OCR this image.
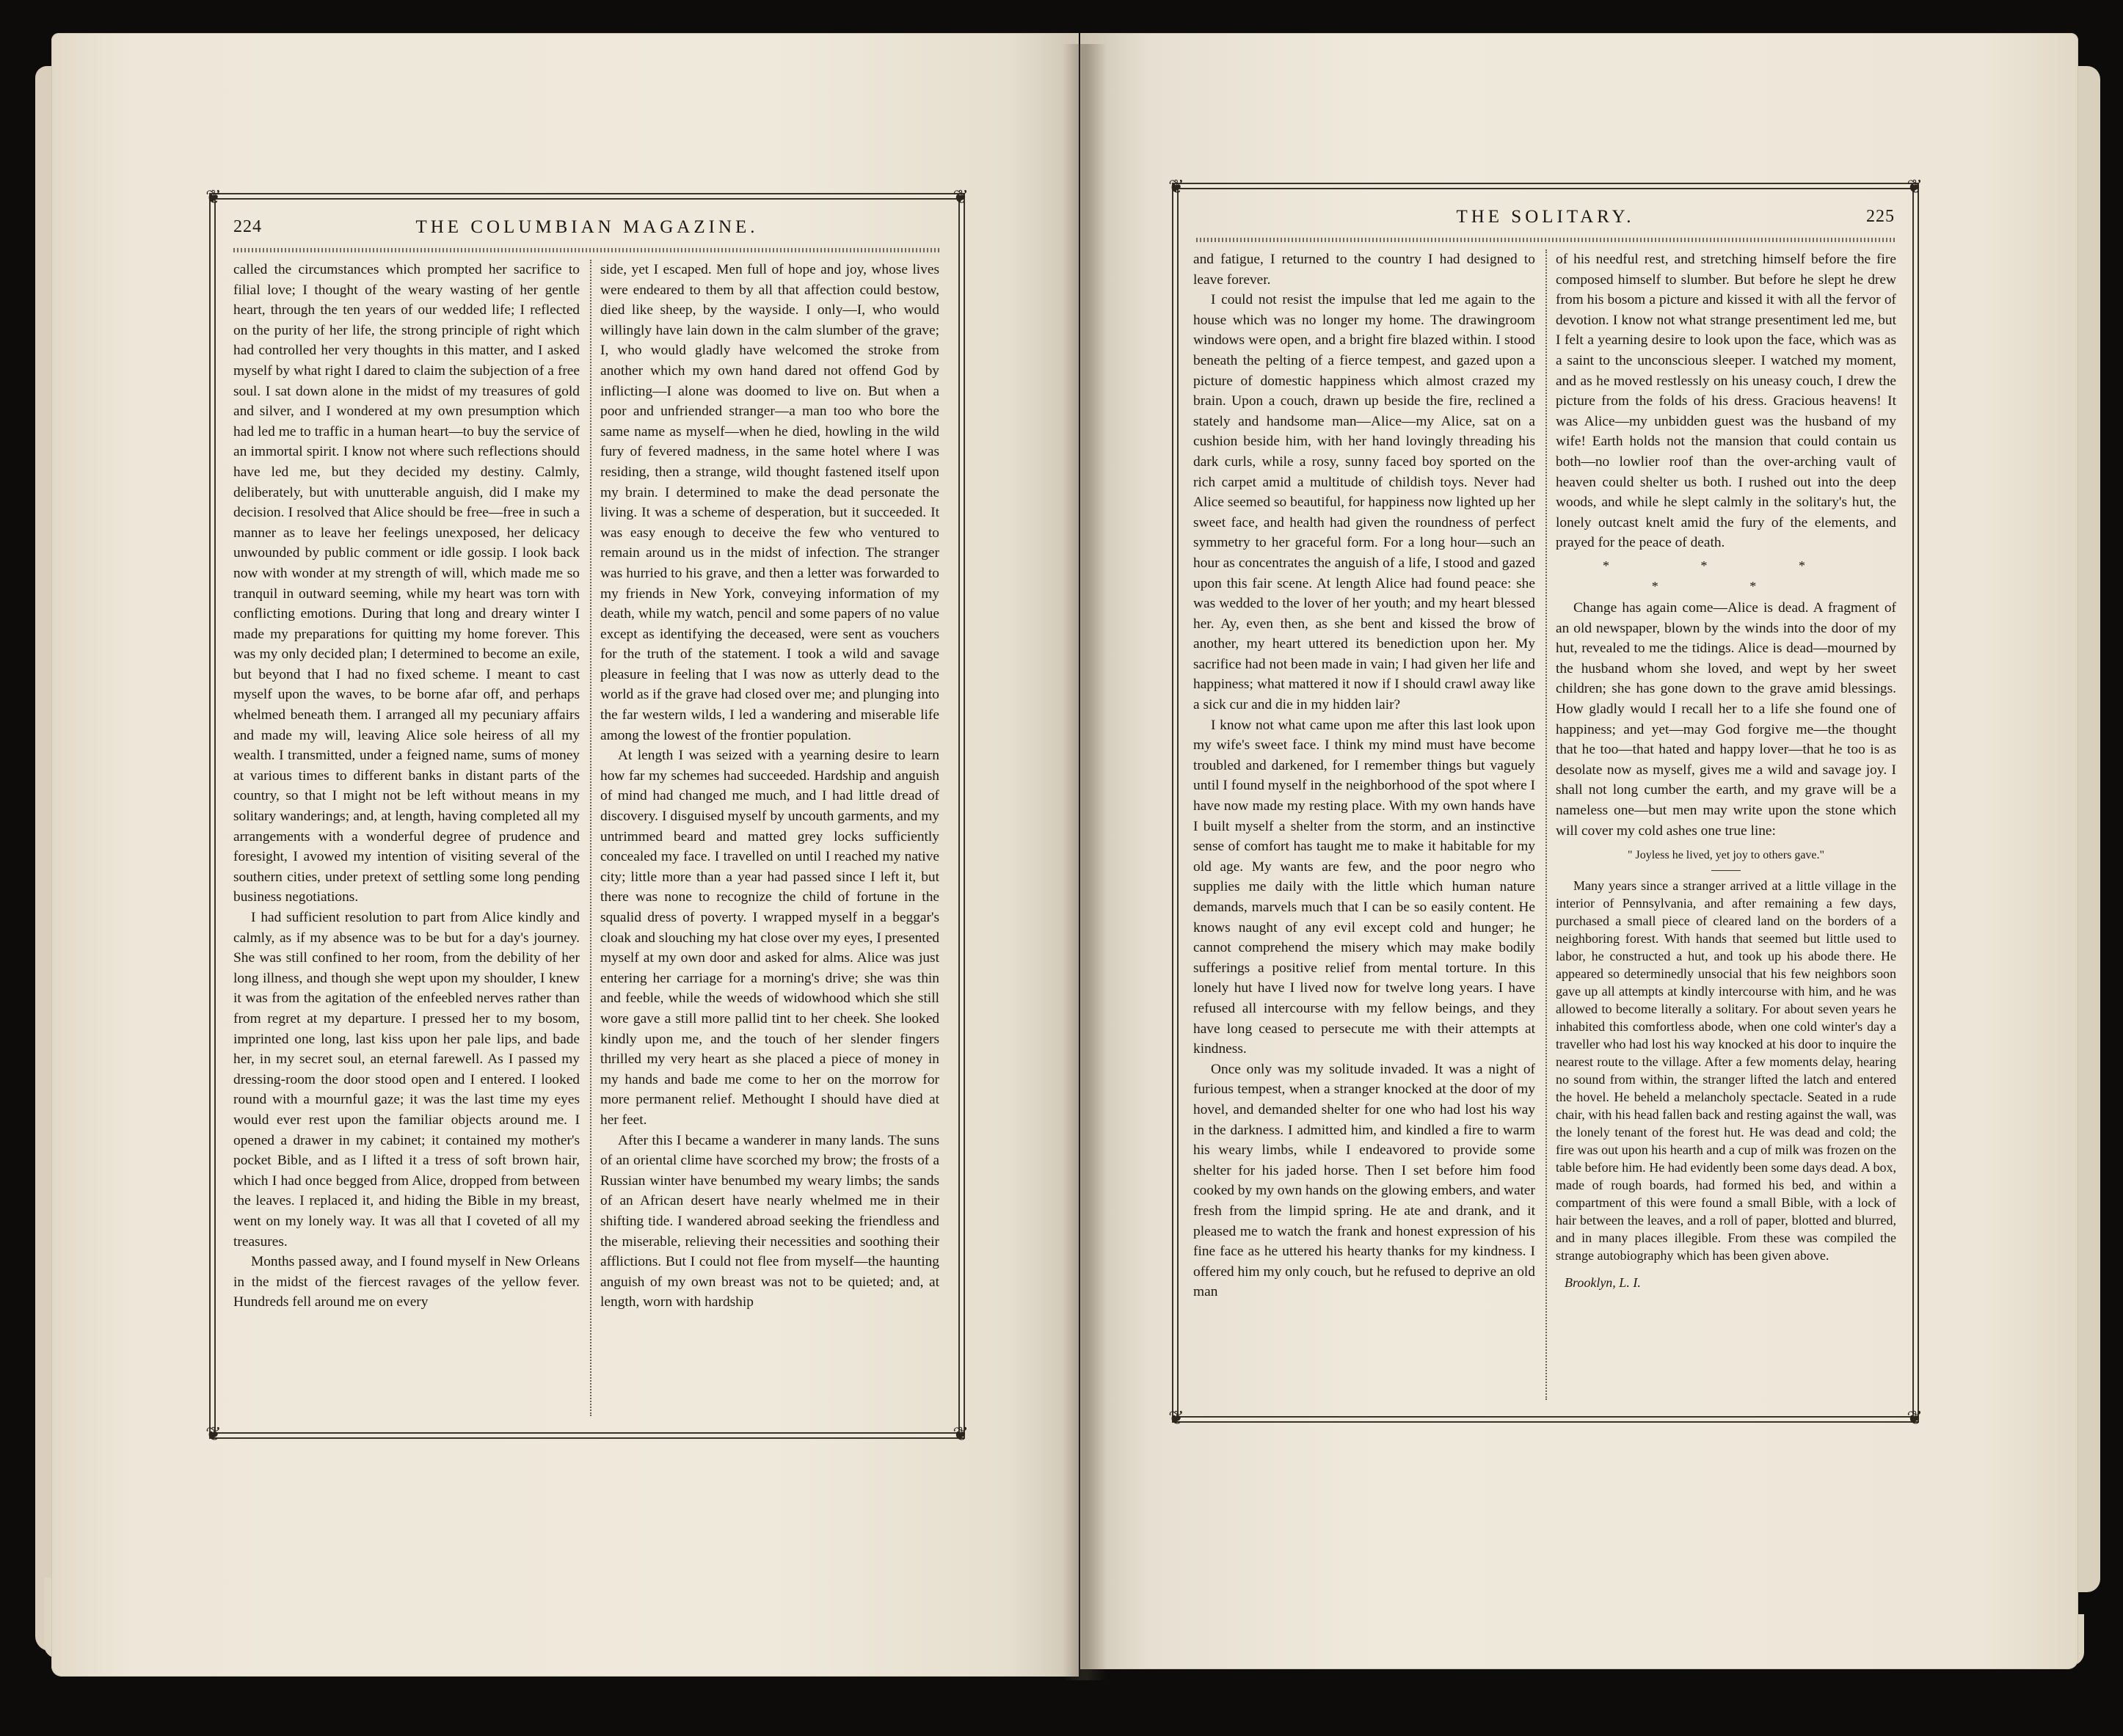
❦	❦
❦	❦
224	THE COLUMBIAN MAGAZINE.

called the circumstances which prompted her sacrifice to filial love; I thought of the weary wasting of her gentle heart, through the ten years of our wedded life; I reflected on the purity of her life, the strong principle of right which had controlled her very thoughts in this matter, and I asked myself by what right I dared to claim the subjection of a free soul. I sat down alone in the midst of my treasures of gold and silver, and I wondered at my own presumption which had led me to traffic in a human heart—to buy the service of an immortal spirit. I know not where such reflections should have led me, but they decided my destiny. Calmly, deliberately, but with unutterable anguish, did I make my decision. I resolved that Alice should be free—free in such a manner as to leave her feelings unexposed, her delicacy unwounded by public comment or idle gossip. I look back now with wonder at my strength of will, which made me so tranquil in outward seeming, while my heart was torn with conflicting emotions. During that long and dreary winter I made my preparations for quitting my home forever. This was my only decided plan; I determined to become an exile, but beyond that I had no fixed scheme. I meant to cast myself upon the waves, to be borne afar off, and perhaps whelmed beneath them. I arranged all my pecuniary affairs and made my will, leaving Alice sole heiress of all my wealth. I transmitted, under a feigned name, sums of money at various times to different banks in distant parts of the country, so that I might not be left without means in my solitary wanderings; and, at length, having completed all my arrangements with a wonderful degree of prudence and foresight, I avowed my intention of visiting several of the southern cities, under pretext of settling some long pending business negotiations.

I had sufficient resolution to part from Alice kindly and calmly, as if my absence was to be but for a day's journey. She was still confined to her room, from the debility of her long illness, and though she wept upon my shoulder, I knew it was from the agitation of the enfeebled nerves rather than from regret at my departure. I pressed her to my bosom, imprinted one long, last kiss upon her pale lips, and bade her, in my secret soul, an eternal farewell. As I passed my dressing-room the door stood open and I entered. I looked round with a mournful gaze; it was the last time my eyes would ever rest upon the familiar objects around me. I opened a drawer in my cabinet; it contained my mother's pocket Bible, and as I lifted it a tress of soft brown hair, which I had once begged from Alice, dropped from between the leaves. I replaced it, and hiding the Bible in my breast, went on my lonely way. It was all that I coveted of all my treasures.

Months passed away, and I found myself in New Orleans in the midst of the fiercest ravages of the yellow fever. Hundreds fell around me on every

side, yet I escaped. Men full of hope and joy, whose lives were endeared to them by all that affection could bestow, died like sheep, by the wayside. I only—I, who would willingly have lain down in the calm slumber of the grave; I, who would gladly have welcomed the stroke from another which my own hand dared not offend God by inflicting—I alone was doomed to live on. But when a poor and unfriended stranger—a man too who bore the same name as myself—when he died, howling in the wild fury of fevered madness, in the same hotel where I was residing, then a strange, wild thought fastened itself upon my brain. I determined to make the dead personate the living. It was a scheme of desperation, but it succeeded. It was easy enough to deceive the few who ventured to remain around us in the midst of infection. The stranger was hurried to his grave, and then a letter was forwarded to my friends in New York, conveying information of my death, while my watch, pencil and some papers of no value except as identifying the deceased, were sent as vouchers for the truth of the statement. I took a wild and savage pleasure in feeling that I was now as utterly dead to the world as if the grave had closed over me; and plunging into the far western wilds, I led a wandering and miserable life among the lowest of the frontier population.

At length I was seized with a yearning desire to learn how far my schemes had succeeded. Hardship and anguish of mind had changed me much, and I had little dread of discovery. I disguised myself by uncouth garments, and my untrimmed beard and matted grey locks sufficiently concealed my face. I travelled on until I reached my native city; little more than a year had passed since I left it, but there was none to recognize the child of fortune in the squalid dress of poverty. I wrapped myself in a beggar's cloak and slouching my hat close over my eyes, I presented myself at my own door and asked for alms. Alice was just entering her carriage for a morning's drive; she was thin and feeble, while the weeds of widowhood which she still wore gave a still more pallid tint to her cheek. She looked kindly upon me, and the touch of her slender fingers thrilled my very heart as she placed a piece of money in my hands and bade me come to her on the morrow for more permanent relief. Methought I should have died at her feet.

After this I became a wanderer in many lands. The suns of an oriental clime have scorched my brow; the frosts of a Russian winter have benumbed my weary limbs; the sands of an African desert have nearly whelmed me in their shifting tide. I wandered abroad seeking the friendless and the miserable, relieving their necessities and soothing their afflictions. But I could not flee from myself—the haunting anguish of my own breast was not to be quieted; and, at length, worn with hardship

❦	❦
❦	❦
THE SOLITARY.	225

and fatigue, I returned to the country I had designed to leave forever.

I could not resist the impulse that led me again to the house which was no longer my home. The drawingroom windows were open, and a bright fire blazed within. I stood beneath the pelting of a fierce tempest, and gazed upon a picture of domestic happiness which almost crazed my brain. Upon a couch, drawn up beside the fire, reclined a stately and handsome man—Alice—my Alice, sat on a cushion beside him, with her hand lovingly threading his dark curls, while a rosy, sunny faced boy sported on the rich carpet amid a multitude of childish toys. Never had Alice seemed so beautiful, for happiness now lighted up her sweet face, and health had given the roundness of perfect symmetry to her graceful form. For a long hour—such an hour as concentrates the anguish of a life, I stood and gazed upon this fair scene. At length Alice had found peace: she was wedded to the lover of her youth; and my heart blessed her. Ay, even then, as she bent and kissed the brow of another, my heart uttered its benediction upon her. My sacrifice had not been made in vain; I had given her life and happiness; what mattered it now if I should crawl away like a sick cur and die in my hidden lair?

I know not what came upon me after this last look upon my wife's sweet face. I think my mind must have become troubled and darkened, for I remember things but vaguely until I found myself in the neighborhood of the spot where I have now made my resting place. With my own hands have I built myself a shelter from the storm, and an instinctive sense of comfort has taught me to make it habitable for my old age. My wants are few, and the poor negro who supplies me daily with the little which human nature demands, marvels much that I can be so easily content. He knows naught of any evil except cold and hunger; he cannot comprehend the misery which may make bodily sufferings a positive relief from mental torture. In this lonely hut have I lived now for twelve long years. I have refused all intercourse with my fellow beings, and they have long ceased to persecute me with their attempts at kindness.

Once only was my solitude invaded. It was a night of furious tempest, when a stranger knocked at the door of my hovel, and demanded shelter for one who had lost his way in the darkness. I admitted him, and kindled a fire to warm his weary limbs, while I endeavored to provide some shelter for his jaded horse. Then I set before him food cooked by my own hands on the glowing embers, and water fresh from the limpid spring. He ate and drank, and it pleased me to watch the frank and honest expression of his fine face as he uttered his hearty thanks for my kindness. I offered him my only couch, but he refused to deprive an old man

of his needful rest, and stretching himself before the fire composed himself to slumber. But before he slept he drew from his bosom a picture and kissed it with all the fervor of devotion. I know not what strange presentiment led me, but I felt a yearning desire to look upon the face, which was as a saint to the unconscious sleeper. I watched my moment, and as he moved restlessly on his uneasy couch, I drew the picture from the folds of his dress. Gracious heavens! It was Alice—my unbidden guest was the husband of my wife! Earth holds not the mansion that could contain us both—no lowlier roof than the over-arching vault of heaven could shelter us both. I rushed out into the deep woods, and while he slept calmly in the solitary's hut, the lonely outcast knelt amid the fury of the elements, and prayed for the peace of death.

* * * * *

Change has again come—Alice is dead. A fragment of an old newspaper, blown by the winds into the door of my hut, revealed to me the tidings. Alice is dead—mourned by the husband whom she loved, and wept by her sweet children; she has gone down to the grave amid blessings. How gladly would I recall her to a life she found one of happiness; and yet—may God forgive me—the thought that he too—that hated and happy lover—that he too is as desolate now as myself, gives me a wild and savage joy. I shall not long cumber the earth, and my grave will be a nameless one—but men may write upon the stone which will cover my cold ashes one true line:

" Joyless he lived, yet joy to others gave."

Many years since a stranger arrived at a little village in the interior of Pennsylvania, and after remaining a few days, purchased a small piece of cleared land on the borders of a neighboring forest. With hands that seemed but little used to labor, he constructed a hut, and took up his abode there. He appeared so determinedly unsocial that his few neighbors soon gave up all attempts at kindly intercourse with him, and he was allowed to become literally a solitary. For about seven years he inhabited this comfortless abode, when one cold winter's day a traveller who had lost his way knocked at his door to inquire the nearest route to the village. After a few moments delay, hearing no sound from within, the stranger lifted the latch and entered the hovel. He beheld a melancholy spectacle. Seated in a rude chair, with his head fallen back and resting against the wall, was the lonely tenant of the forest hut. He was dead and cold; the fire was out upon his hearth and a cup of milk was frozen on the table before him. He had evidently been some days dead. A box, made of rough boards, had formed his bed, and within a compartment of this were found a small Bible, with a lock of hair between the leaves, and a roll of paper, blotted and blurred, and in many places illegible. From these was compiled the strange autobiography which has been given above.

Brooklyn, L. I.
